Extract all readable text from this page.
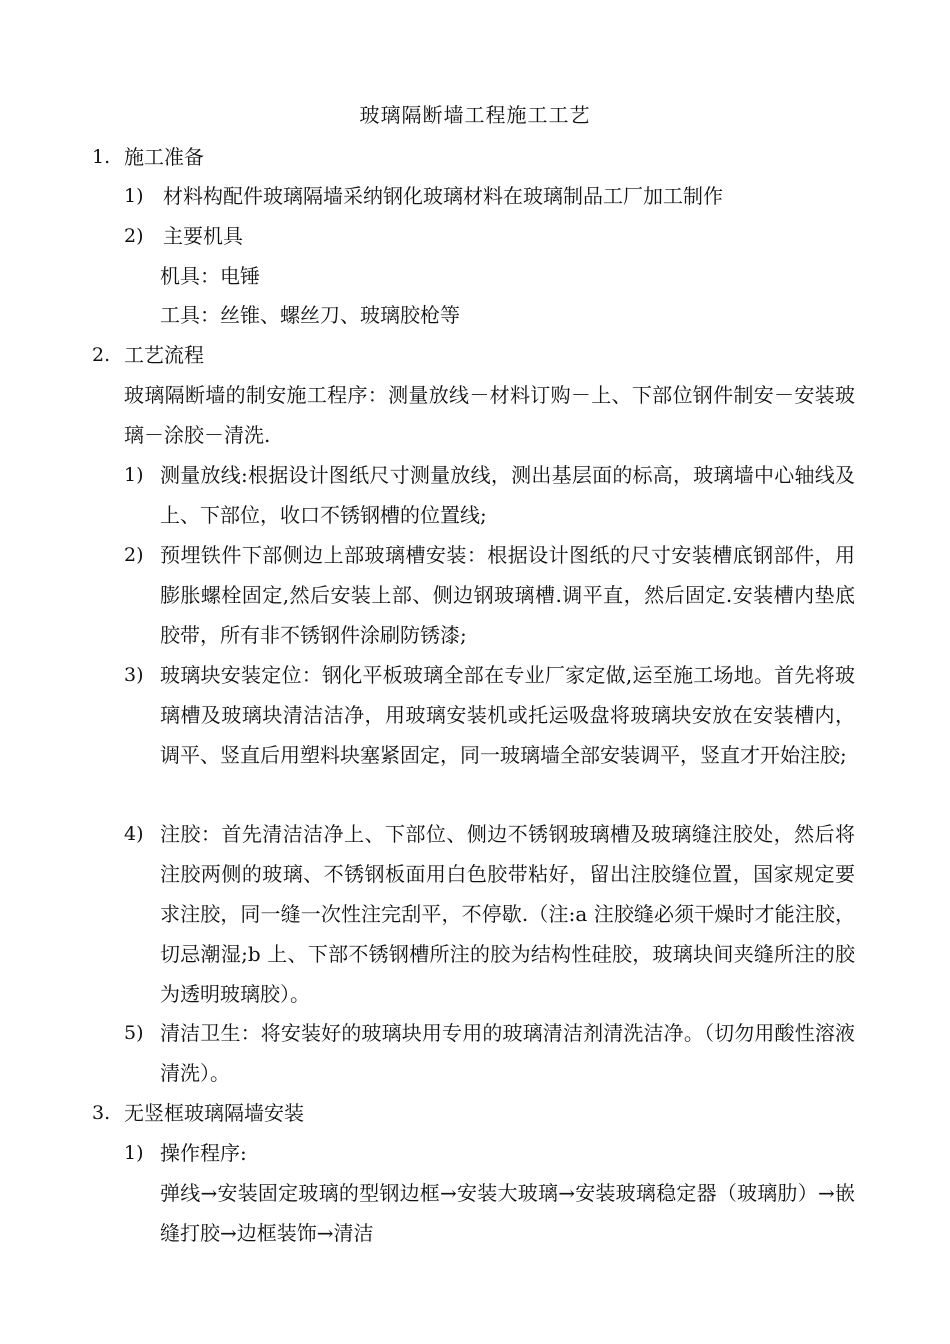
玻璃隔断墙工程施工工艺
1. 施工准备
1) 材料构配件玻璃隔墙采纳钢化玻璃材料在玻璃制品工厂加工制作
2) 主要机具
机具：电锤
工具：丝锥、螺丝刀、玻璃胶枪等
2. 工艺流程
玻璃隔断墙的制安施工程序：测量放线－材料订购－上、下部位钢件制安－安装玻璃－涂胶－清洗.
1) 测量放线:根据设计图纸尺寸测量放线，测出基层面的标高，玻璃墙中心轴线及上、下部位，收口不锈钢槽的位置线;
2) 预埋铁件下部侧边上部玻璃槽安装：根据设计图纸的尺寸安装槽底钢部件，用膨胀螺栓固定,然后安装上部、侧边钢玻璃槽.调平直，然后固定.安装槽内垫底胶带，所有非不锈钢件涂刷防锈漆;
3) 玻璃块安装定位：钢化平板玻璃全部在专业厂家定做,运至施工场地。首先将玻璃槽及玻璃块清洁洁净，用玻璃安装机或托运吸盘将玻璃块安放在安装槽内，调平、竖直后用塑料块塞紧固定，同一玻璃墙全部安装调平，竖直才开始注胶;
4) 注胶：首先清洁洁净上、下部位、侧边不锈钢玻璃槽及玻璃缝注胶处，然后将注胶两侧的玻璃、不锈钢板面用白色胶带粘好，留出注胶缝位置，国家规定要求注胶，同一缝一次性注完刮平，不停歇.（注:a 注胶缝必须干燥时才能注胶，切忌潮湿;b 上、下部不锈钢槽所注的胶为结构性硅胶，玻璃块间夹缝所注的胶为透明玻璃胶）。
5) 清洁卫生：将安装好的玻璃块用专用的玻璃清洁剂清洗洁净。（切勿用酸性溶液清洗）。
3. 无竖框玻璃隔墙安装
1) 操作程序:
弹线→安装固定玻璃的型钢边框→安装大玻璃→安装玻璃稳定器（玻璃肋）→嵌缝打胶→边框装饰→清洁
